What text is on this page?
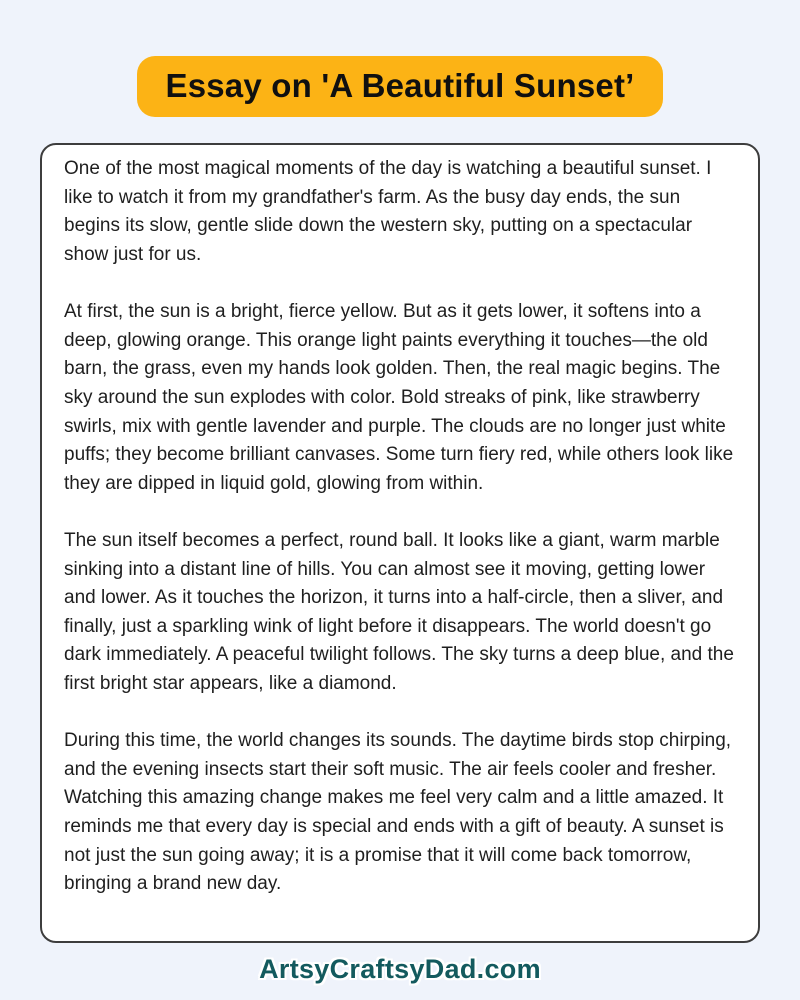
Essay on 'A Beautiful Sunset’

One of the most magical moments of the day is watching a beautiful sunset. I like to watch it from my grandfather's farm. As the busy day ends, the sun begins its slow, gentle slide down the western sky, putting on a spectacular show just for us.

At first, the sun is a bright, fierce yellow. But as it gets lower, it softens into a deep, glowing orange. This orange light paints everything it touches—the old barn, the grass, even my hands look golden. Then, the real magic begins. The sky around the sun explodes with color. Bold streaks of pink, like strawberry swirls, mix with gentle lavender and purple. The clouds are no longer just white puffs; they become brilliant canvases. Some turn fiery red, while others look like they are dipped in liquid gold, glowing from within.

The sun itself becomes a perfect, round ball. It looks like a giant, warm marble sinking into a distant line of hills. You can almost see it moving, getting lower and lower. As it touches the horizon, it turns into a half-circle, then a sliver, and finally, just a sparkling wink of light before it disappears. The world doesn't go dark immediately. A peaceful twilight follows. The sky turns a deep blue, and the first bright star appears, like a diamond.

During this time, the world changes its sounds. The daytime birds stop chirping, and the evening insects start their soft music. The air feels cooler and fresher. Watching this amazing change makes me feel very calm and a little amazed. It reminds me that every day is special and ends with a gift of beauty. A sunset is not just the sun going away; it is a promise that it will come back tomorrow, bringing a brand new day.

ArtsyCraftsyDad.com
